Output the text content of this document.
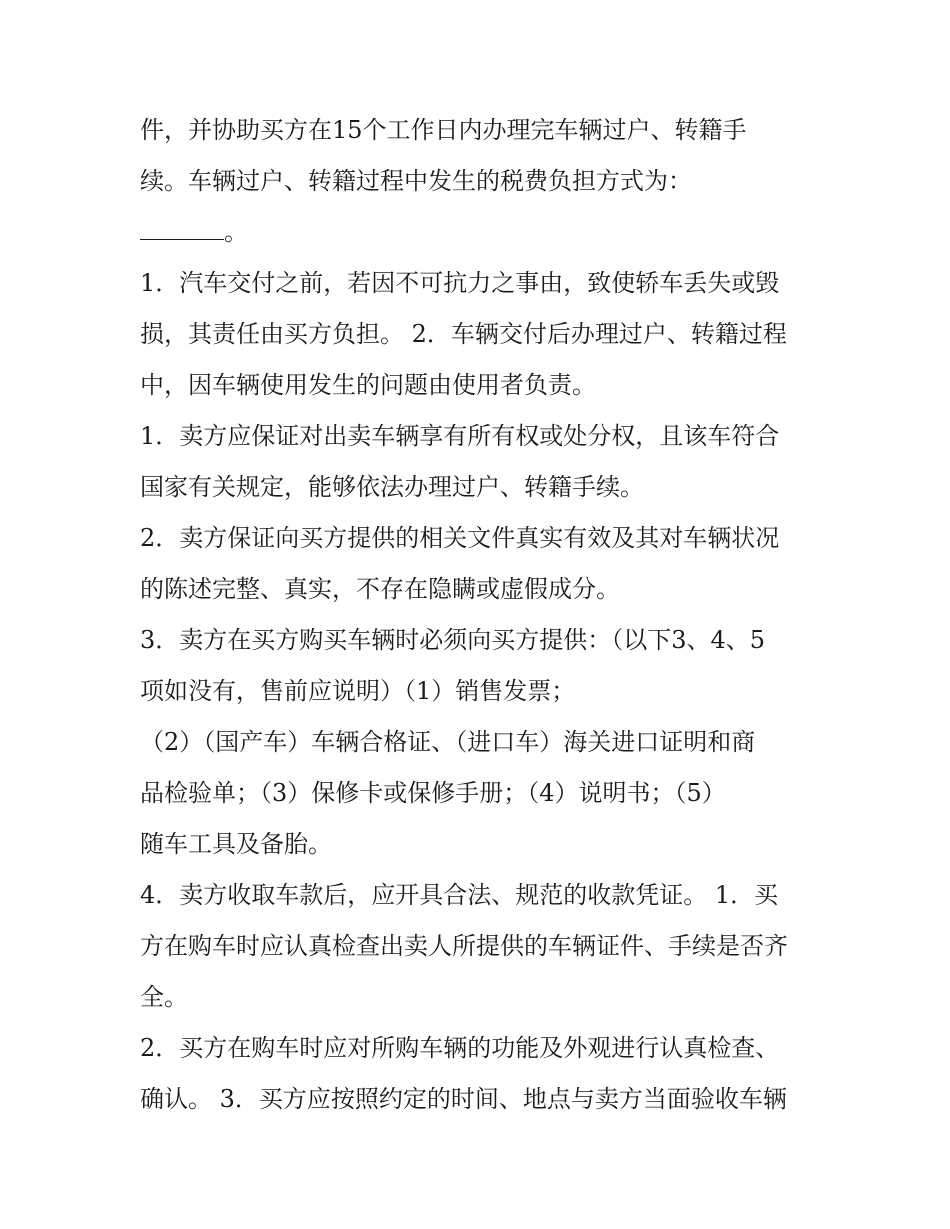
件，并协助买方在15个工作日内办理完车辆过户、转籍手

续。车辆过户、转籍过程中发生的税费负担方式为：

。

1．汽车交付之前，若因不可抗力之事由，致使轿车丢失或毁

损，其责任由买方负担。 2．车辆交付后办理过户、转籍过程

中，因车辆使用发生的问题由使用者负责。

1．卖方应保证对出卖车辆享有所有权或处分权，且该车符合

国家有关规定，能够依法办理过户、转籍手续。

2．卖方保证向买方提供的相关文件真实有效及其对车辆状况

的陈述完整、真实，不存在隐瞒或虚假成分。

3．卖方在买方购买车辆时必须向买方提供：（以下3、4、5

项如没有，售前应说明）（1）销售发票；

（2）（国产车）车辆合格证、（进口车）海关进口证明和商

品检验单；（3）保修卡或保修手册；（4）说明书；（5）

随车工具及备胎。

4．卖方收取车款后，应开具合法、规范的收款凭证。 1．买

方在购车时应认真检查出卖人所提供的车辆证件、手续是否齐

全。

2．买方在购车时应对所购车辆的功能及外观进行认真检查、

确认。 3．买方应按照约定的时间、地点与卖方当面验收车辆
